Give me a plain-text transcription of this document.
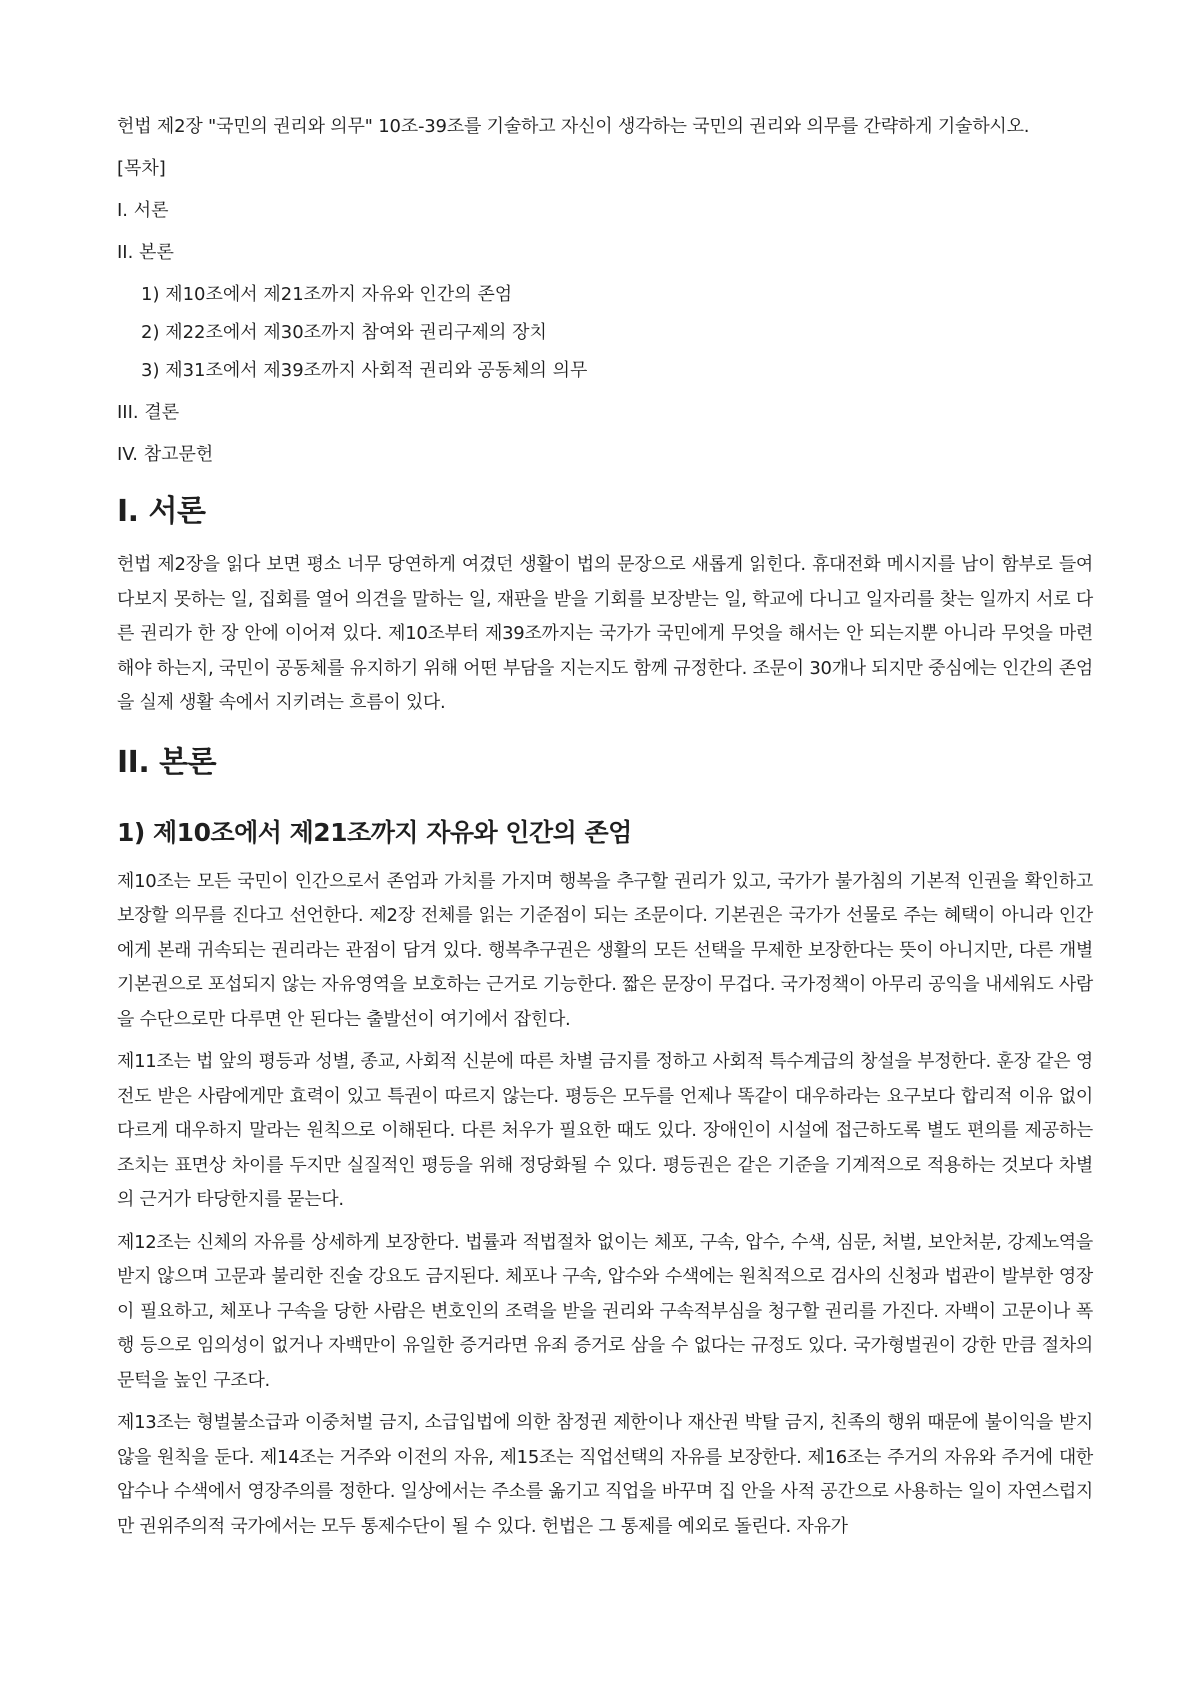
헌법 제2장 "국민의 권리와 의무" 10조-39조를 기술하고 자신이 생각하는 국민의 권리와 의무를 간략하게 기술하시오.

[목차]

I. 서론

II. 본론

1) 제10조에서 제21조까지 자유와 인간의 존엄

2) 제22조에서 제30조까지 참여와 권리구제의 장치

3) 제31조에서 제39조까지 사회적 권리와 공동체의 의무

III. 결론

IV. 참고문헌

I. 서론

헌법 제2장을 읽다 보면 평소 너무 당연하게 여겼던 생활이 법의 문장으로 새롭게 읽힌다. 휴대전화 메시지를 남이 함부로 들여다보지 못하는 일, 집회를 열어 의견을 말하는 일, 재판을 받을 기회를 보장받는 일, 학교에 다니고 일자리를 찾는 일까지 서로 다른 권리가 한 장 안에 이어져 있다. 제10조부터 제39조까지는 국가가 국민에게 무엇을 해서는 안 되는지뿐 아니라 무엇을 마련해야 하는지, 국민이 공동체를 유지하기 위해 어떤 부담을 지는지도 함께 규정한다. 조문이 30개나 되지만 중심에는 인간의 존엄을 실제 생활 속에서 지키려는 흐름이 있다.

II. 본론
1) 제10조에서 제21조까지 자유와 인간의 존엄

제10조는 모든 국민이 인간으로서 존엄과 가치를 가지며 행복을 추구할 권리가 있고, 국가가 불가침의 기본적 인권을 확인하고 보장할 의무를 진다고 선언한다. 제2장 전체를 읽는 기준점이 되는 조문이다. 기본권은 국가가 선물로 주는 혜택이 아니라 인간에게 본래 귀속되는 권리라는 관점이 담겨 있다. 행복추구권은 생활의 모든 선택을 무제한 보장한다는 뜻이 아니지만, 다른 개별 기본권으로 포섭되지 않는 자유영역을 보호하는 근거로 기능한다. 짧은 문장이 무겁다. 국가정책이 아무리 공익을 내세워도 사람을 수단으로만 다루면 안 된다는 출발선이 여기에서 잡힌다.

제11조는 법 앞의 평등과 성별, 종교, 사회적 신분에 따른 차별 금지를 정하고 사회적 특수계급의 창설을 부정한다. 훈장 같은 영전도 받은 사람에게만 효력이 있고 특권이 따르지 않는다. 평등은 모두를 언제나 똑같이 대우하라는 요구보다 합리적 이유 없이 다르게 대우하지 말라는 원칙으로 이해된다. 다른 처우가 필요한 때도 있다. 장애인이 시설에 접근하도록 별도 편의를 제공하는 조치는 표면상 차이를 두지만 실질적인 평등을 위해 정당화될 수 있다. 평등권은 같은 기준을 기계적으로 적용하는 것보다 차별의 근거가 타당한지를 묻는다.

제12조는 신체의 자유를 상세하게 보장한다. 법률과 적법절차 없이는 체포, 구속, 압수, 수색, 심문, 처벌, 보안처분, 강제노역을 받지 않으며 고문과 불리한 진술 강요도 금지된다. 체포나 구속, 압수와 수색에는 원칙적으로 검사의 신청과 법관이 발부한 영장이 필요하고, 체포나 구속을 당한 사람은 변호인의 조력을 받을 권리와 구속적부심을 청구할 권리를 가진다. 자백이 고문이나 폭행 등으로 임의성이 없거나 자백만이 유일한 증거라면 유죄 증거로 삼을 수 없다는 규정도 있다. 국가형벌권이 강한 만큼 절차의 문턱을 높인 구조다.

제13조는 형벌불소급과 이중처벌 금지, 소급입법에 의한 참정권 제한이나 재산권 박탈 금지, 친족의 행위 때문에 불이익을 받지 않을 원칙을 둔다. 제14조는 거주와 이전의 자유, 제15조는 직업선택의 자유를 보장한다. 제16조는 주거의 자유와 주거에 대한 압수나 수색에서 영장주의를 정한다. 일상에서는 주소를 옮기고 직업을 바꾸며 집 안을 사적 공간으로 사용하는 일이 자연스럽지만 권위주의적 국가에서는 모두 통제수단이 될 수 있다. 헌법은 그 통제를 예외로 돌린다. 자유가
